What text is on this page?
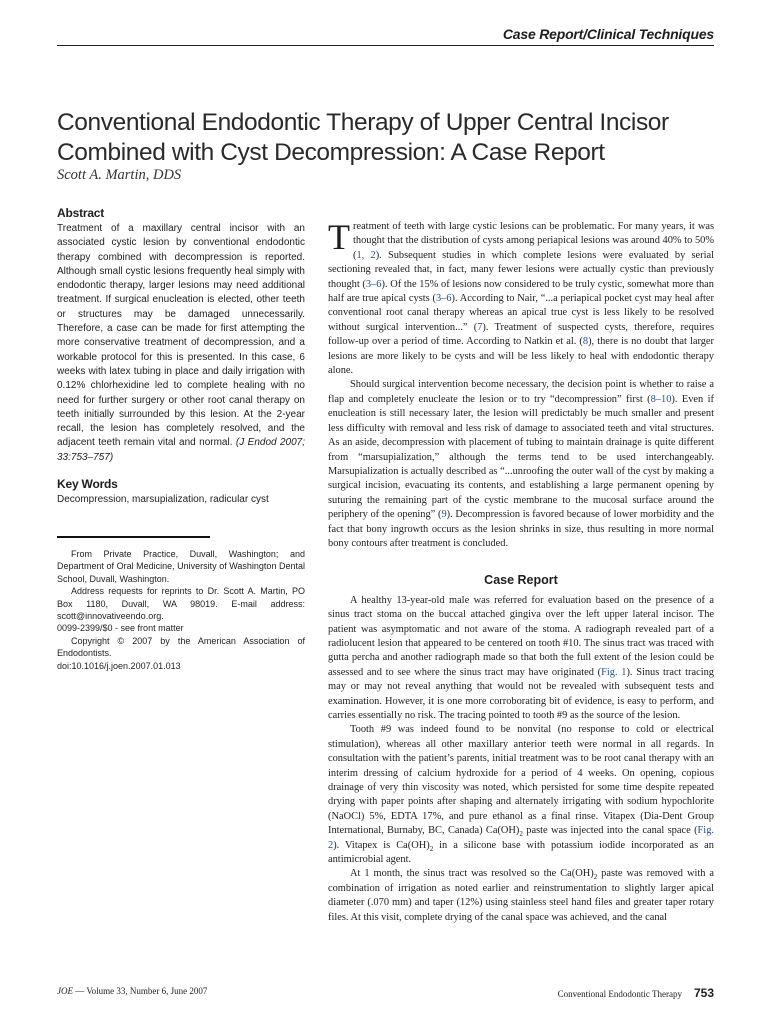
Case Report/Clinical Techniques
Conventional Endodontic Therapy of Upper Central Incisor
Combined with Cyst Decompression: A Case Report
Scott A. Martin, DDS
Abstract

Treatment of a maxillary central incisor with an associated cystic lesion by conventional endodontic therapy combined with decompression is reported. Although small cystic lesions frequently heal simply with endodontic therapy, larger lesions may need additional treatment. If surgical enucleation is elected, other teeth or structures may be damaged unnecessarily. Therefore, a case can be made for first attempting the more conservative treatment of decompression, and a workable protocol for this is presented. In this case, 6 weeks with latex tubing in place and daily irrigation with 0.12% chlorhexidine led to complete healing with no need for further surgery or other root canal therapy on teeth initially surrounded by this lesion. At the 2-year recall, the lesion has completely resolved, and the adjacent teeth remain vital and normal. (J Endod 2007; 33:753–757)

Key Words

Decompression, marsupialization, radicular cyst

From Private Practice, Duvall, Washington; and Department of Oral Medicine, University of Washington Dental School, Duvall, Washington.

Address requests for reprints to Dr. Scott A. Martin, PO Box 1180, Duvall, WA 98019. E-mail address: scott@innovativeendo.org.

0099-2399/$0 - see front matter

Copyright © 2007 by the American Association of Endodontists.

doi:10.1016/j.joen.2007.01.013

Treatment of teeth with large cystic lesions can be problematic. For many years, it was thought that the distribution of cysts among periapical lesions was around 40% to 50% (1, 2). Subsequent studies in which complete lesions were evaluated by serial sectioning revealed that, in fact, many fewer lesions were actually cystic than previously thought (3–6). Of the 15% of lesions now considered to be truly cystic, somewhat more than half are true apical cysts (3–6). According to Nair, “...a periapical pocket cyst may heal after conventional root canal therapy whereas an apical true cyst is less likely to be resolved without surgical intervention...” (7). Treatment of suspected cysts, therefore, requires follow-up over a period of time. According to Natkin et al. (8), there is no doubt that larger lesions are more likely to be cysts and will be less likely to heal with endodontic therapy alone.

Should surgical intervention become necessary, the decision point is whether to raise a flap and completely enucleate the lesion or to try “decompression” first (8–10). Even if enucleation is still necessary later, the lesion will predictably be much smaller and present less difficulty with removal and less risk of damage to associated teeth and vital structures. As an aside, decompression with placement of tubing to maintain drainage is quite different from “marsupialization,” although the terms tend to be used interchangeably. Marsupialization is actually described as “...unroofing the outer wall of the cyst by making a surgical incision, evacuating its contents, and establishing a large permanent opening by suturing the remaining part of the cystic membrane to the mucosal surface around the periphery of the opening” (9). Decompression is favored because of lower morbidity and the fact that bony ingrowth occurs as the lesion shrinks in size, thus resulting in more normal bony contours after treatment is concluded.

Case Report

A healthy 13-year-old male was referred for evaluation based on the presence of a sinus tract stoma on the buccal attached gingiva over the left upper lateral incisor. The patient was asymptomatic and not aware of the stoma. A radiograph revealed part of a radiolucent lesion that appeared to be centered on tooth #10. The sinus tract was traced with gutta percha and another radiograph made so that both the full extent of the lesion could be assessed and to see where the sinus tract may have originated (Fig. 1). Sinus tract tracing may or may not reveal anything that would not be revealed with subsequent tests and examination. However, it is one more corroborating bit of evidence, is easy to perform, and carries essentially no risk. The tracing pointed to tooth #9 as the source of the lesion.

Tooth #9 was indeed found to be nonvital (no response to cold or electrical stimulation), whereas all other maxillary anterior teeth were normal in all regards. In consultation with the patient’s parents, initial treatment was to be root canal therapy with an interim dressing of calcium hydroxide for a period of 4 weeks. On opening, copious drainage of very thin viscosity was noted, which persisted for some time despite repeated drying with paper points after shaping and alternately irrigating with sodium hypochlorite (NaOCl) 5%, EDTA 17%, and pure ethanol as a final rinse. Vitapex (Dia-Dent Group International, Burnaby, BC, Canada) $Ca(OH)_2$ paste was injected into the canal space (Fig. 2). Vitapex is $Ca(OH)_2$ in a silicone base with potassium iodide incorporated as an antimicrobial agent.

At 1 month, the sinus tract was resolved so the $Ca(OH)_2$ paste was removed with a combination of irrigation as noted earlier and reinstrumentation to slightly larger apical diameter (.070 mm) and taper (12%) using stainless steel hand files and greater taper rotary files. At this visit, complete drying of the canal space was achieved, and the canal

JOE — Volume 33, Number 6, June 2007	Conventional Endodontic Therapy 753
